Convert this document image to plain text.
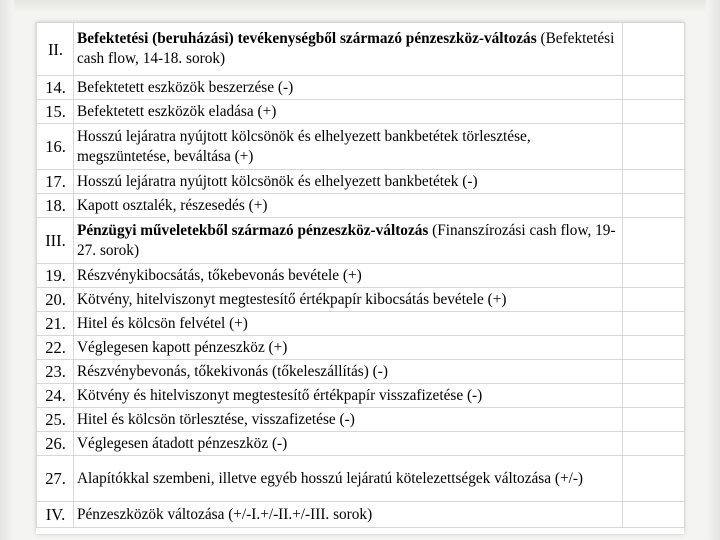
II.	Befektetési (beruházási) tevékenységből származó pénzeszköz-változás (Befektetési cash flow, 14-18. sorok)	
14.	Befektetett eszközök beszerzése (-)	
15.	Befektetett eszközök eladása (+)	
16.	Hosszú lejáratra nyújtott kölcsönök és elhelyezett bankbetétek törlesztése, megszüntetése, beváltása (+)	
17.	Hosszú lejáratra nyújtott kölcsönök és elhelyezett bankbetétek (-)	
18.	Kapott osztalék, részesedés (+)	
III.	Pénzügyi műveletekből származó pénzeszköz-változás (Finanszírozási cash flow, 19-27. sorok)	
19.	Részvénykibocsátás, tőkebevonás bevétele (+)	
20.	Kötvény, hitelviszonyt megtestesítő értékpapír kibocsátás bevétele (+)	
21.	Hitel és kölcsön felvétel (+)	
22.	Véglegesen kapott pénzeszköz (+)	
23.	Részvénybevonás, tőkekivonás (tőkeleszállítás) (-)	
24.	Kötvény és hitelviszonyt megtestesítő értékpapír visszafizetése (-)	
25.	Hitel és kölcsön törlesztése, visszafizetése (-)	
26.	Véglegesen átadott pénzeszköz (-)	
27.	Alapítókkal szembeni, illetve egyéb hosszú lejáratú kötelezettségek változása (+/-)	
IV.	Pénzeszközök változása (+/-I.+/-II.+/-III. sorok)	
